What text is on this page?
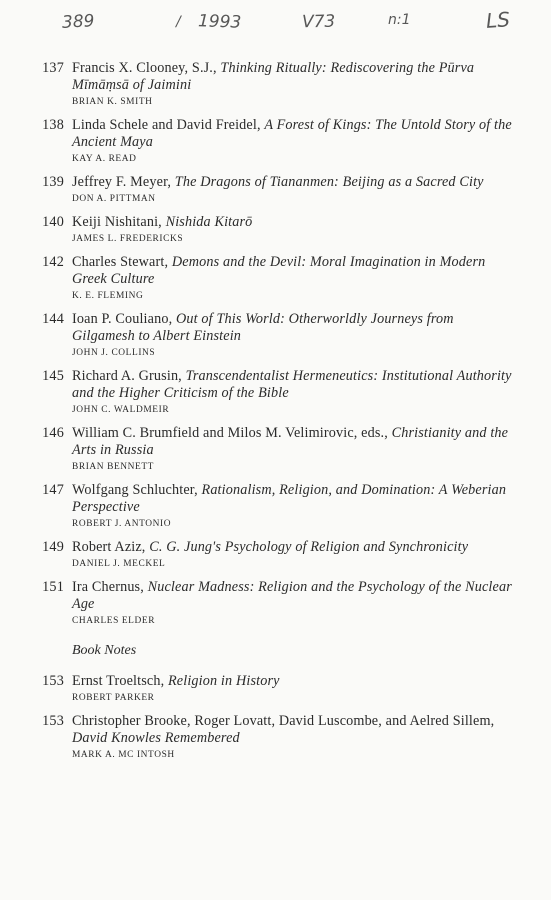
389	/ 1993	V73	n:1	LS
137 Francis X. Clooney, S.J., Thinking Ritually: Rediscovering the Pūrva Mīmāṃsā of Jaimini
BRIAN K. SMITH
138 Linda Schele and David Freidel, A Forest of Kings: The Untold Story of the Ancient Maya
KAY A. READ
139 Jeffrey F. Meyer, The Dragons of Tiananmen: Beijing as a Sacred City
DON A. PITTMAN
140 Keiji Nishitani, Nishida Kitarō
JAMES L. FREDERICKS
142 Charles Stewart, Demons and the Devil: Moral Imagination in Modern Greek Culture
K. E. FLEMING
144 Ioan P. Couliano, Out of This World: Otherworldly Journeys from Gilgamesh to Albert Einstein
JOHN J. COLLINS
145 Richard A. Grusin, Transcendentalist Hermeneutics: Institutional Authority and the Higher Criticism of the Bible
JOHN C. WALDMEIR
146 William C. Brumfield and Milos M. Velimirovic, eds., Christianity and the Arts in Russia
BRIAN BENNETT
147 Wolfgang Schluchter, Rationalism, Religion, and Domination: A Weberian Perspective
ROBERT J. ANTONIO
149 Robert Aziz, C. G. Jung's Psychology of Religion and Synchronicity
DANIEL J. MECKEL
151 Ira Chernus, Nuclear Madness: Religion and the Psychology of the Nuclear Age
CHARLES ELDER
Book Notes
153 Ernst Troeltsch, Religion in History
ROBERT PARKER
153 Christopher Brooke, Roger Lovatt, David Luscombe, and Aelred Sillem, David Knowles Remembered
MARK A. MC INTOSH
